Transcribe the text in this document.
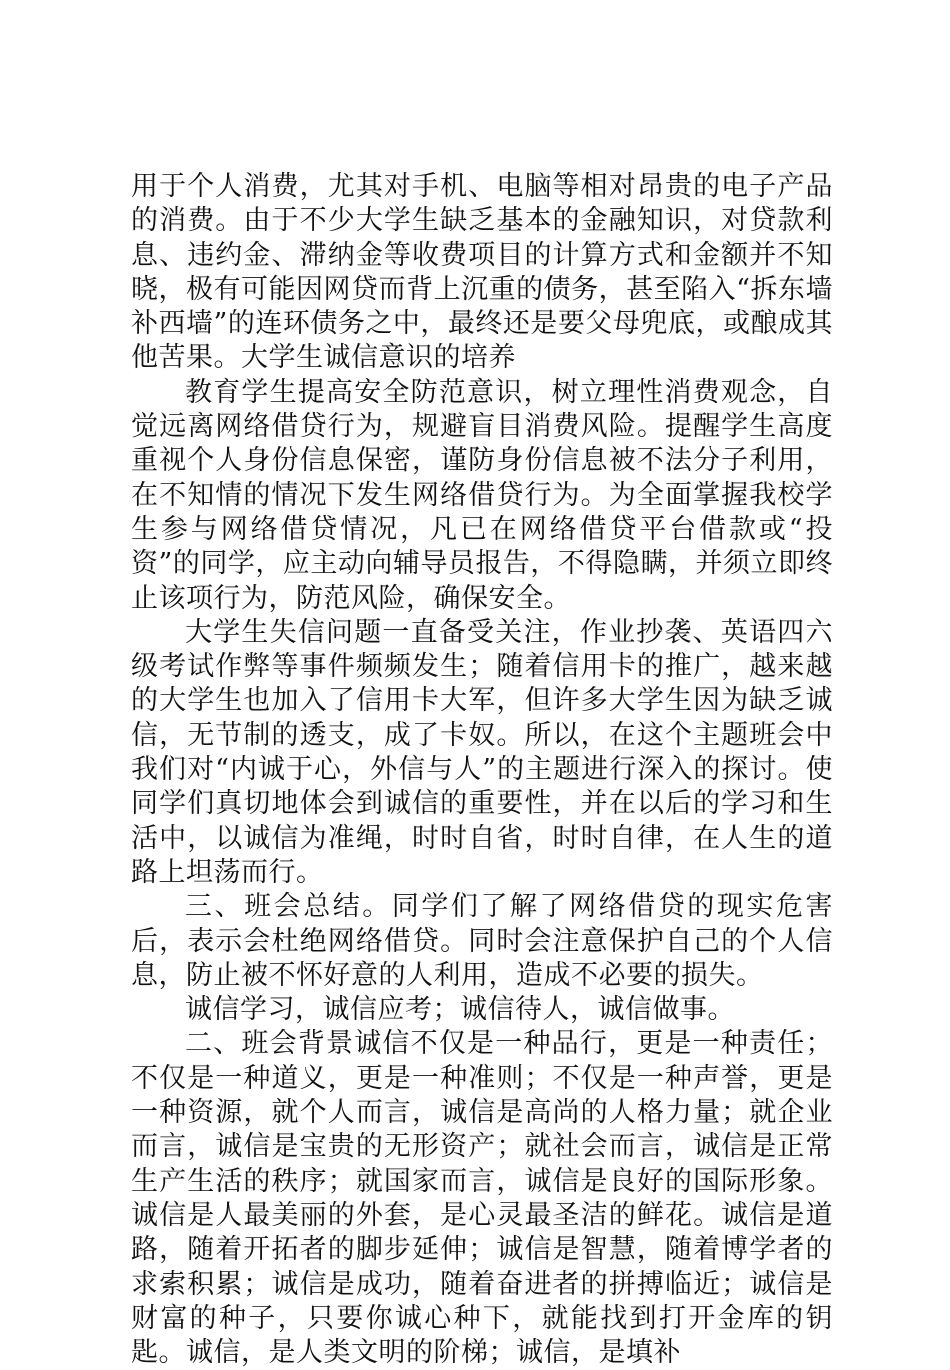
用于个人消费，尤其对手机、电脑等相对昂贵的电子产品的消费。由于不少大学生缺乏基本的金融知识，对贷款利息、违约金、滞纳金等收费项目的计算方式和金额并不知晓，极有可能因网贷而背上沉重的债务，甚至陷入“拆东墙补西墙”的连环债务之中，最终还是要父母兜底，或酿成其他苦果。大学生诚信意识的培养

教育学生提高安全防范意识，树立理性消费观念，自觉远离网络借贷行为，规避盲目消费风险。提醒学生高度重视个人身份信息保密，谨防身份信息被不法分子利用，在不知情的情况下发生网络借贷行为。为全面掌握我校学生参与网络借贷情况，凡已在网络借贷平台借款或“投资”的同学，应主动向辅导员报告，不得隐瞒，并须立即终止该项行为，防范风险，确保安全。

大学生失信问题一直备受关注，作业抄袭、英语四六级考试作弊等事件频频发生；随着信用卡的推广，越来越的大学生也加入了信用卡大军，但许多大学生因为缺乏诚信，无节制的透支，成了卡奴。所以，在这个主题班会中我们对“内诚于心，外信与人”的主题进行深入的探讨。使同学们真切地体会到诚信的重要性，并在以后的学习和生活中，以诚信为准绳，时时自省，时时自律，在人生的道路上坦荡而行。

三、班会总结。同学们了解了网络借贷的现实危害后，表示会杜绝网络借贷。同时会注意保护自己的个人信息，防止被不怀好意的人利用，造成不必要的损失。

诚信学习，诚信应考；诚信待人，诚信做事。

二、班会背景诚信不仅是一种品行，更是一种责任；不仅是一种道义，更是一种准则；不仅是一种声誉，更是一种资源，就个人而言，诚信是高尚的人格力量；就企业而言，诚信是宝贵的无形资产；就社会而言，诚信是正常生产生活的秩序；就国家而言，诚信是良好的国际形象。诚信是人最美丽的外套，是心灵最圣洁的鲜花。诚信是道路，随着开拓者的脚步延伸；诚信是智慧，随着博学者的求索积累；诚信是成功，随着奋进者的拼搏临近；诚信是财富的种子，只要你诚心种下，就能找到打开金库的钥匙。诚信，是人类文明的阶梯；诚信，是填补
